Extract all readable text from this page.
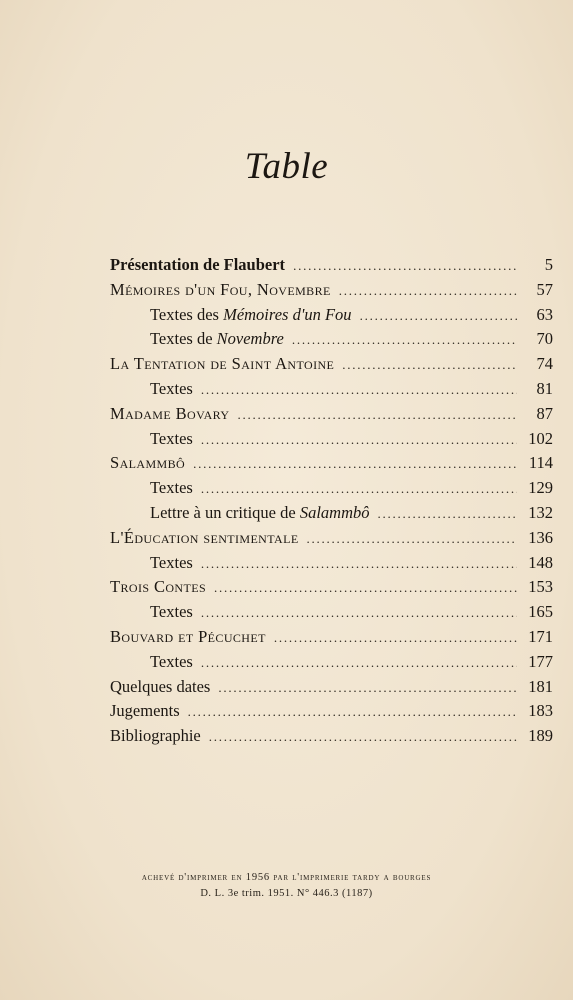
Table
Présentation de Flaubert . . .	5
Mémoires d'un Fou, Novembre . . .	57
Textes des Mémoires d'un Fou . . .	63
Textes de Novembre . . .	70
La Tentation de Saint Antoine . . .	74
Textes . . .	81
Madame Bovary . . .	87
Textes . . .	102
Salammbô . . .	114
Textes . . .	129
Lettre à un critique de Salammbô . . .	132
L'Éducation sentimentale . . .	136
Textes . . .	148
Trois Contes . . .	153
Textes . . .	165
Bouvard et Pécuchet . . .	171
Textes . . .	177
Quelques dates . . .	181
Jugements . . .	183
Bibliographie . . .	189
achevé d'imprimer en 1956 par l'imprimerie tardy a bourges
D. L. 3e trim. 1951. N° 446.3 (1187)
